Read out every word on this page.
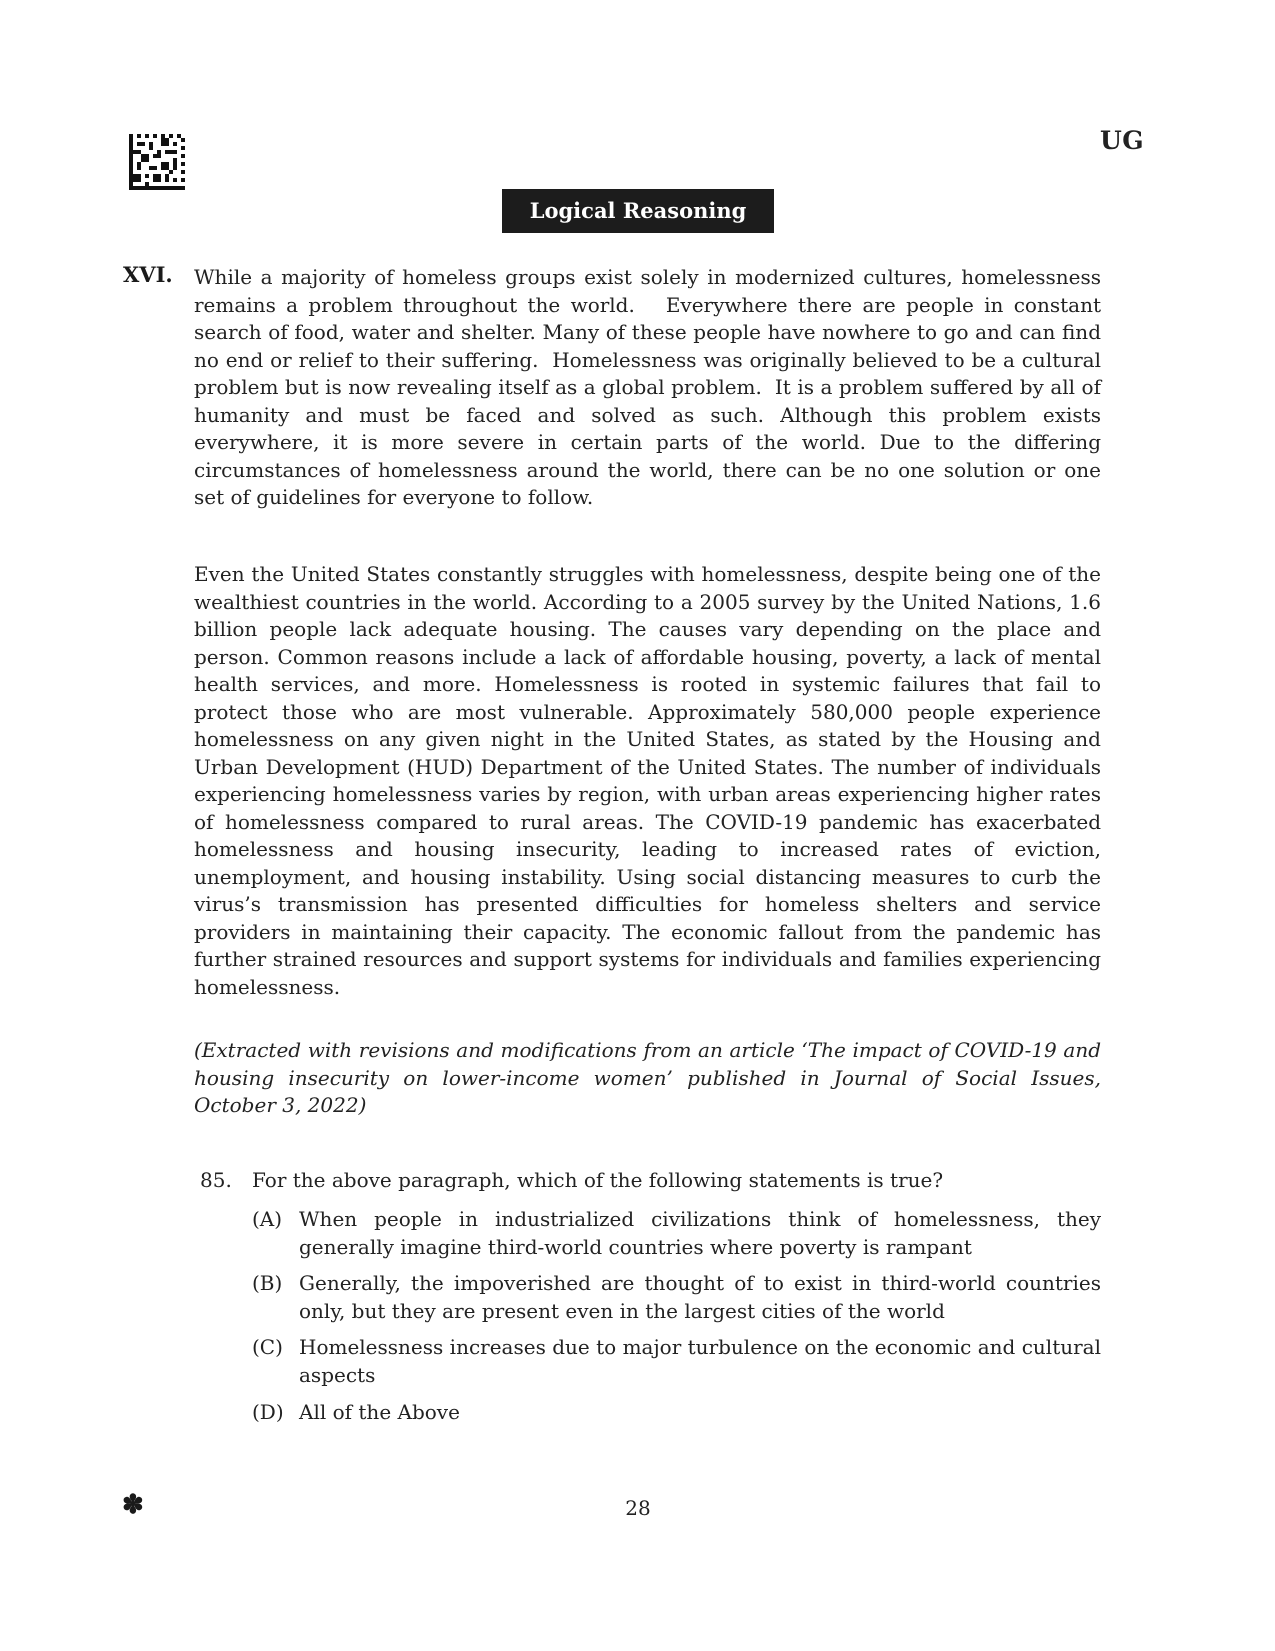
UG
Logical Reasoning
XVI. While a majority of homeless groups exist solely in modernized cultures, homelessness remains a problem throughout the world.   Everywhere there are people in constant search of food, water and shelter. Many of these people have nowhere to go and can find no end or relief to their suffering.  Homelessness was originally believed to be a cultural problem but is now revealing itself as a global problem.  It is a problem suffered by all of humanity and must be faced and solved as such. Although this problem exists everywhere, it is more severe in certain parts of the world. Due to the differing circumstances of homelessness around the world, there can be no one solution or one set of guidelines for everyone to follow.

Even the United States constantly struggles with homelessness, despite being one of the wealthiest countries in the world. According to a 2005 survey by the United Nations, 1.6 billion people lack adequate housing. The causes vary depending on the place and person. Common reasons include a lack of affordable housing, poverty, a lack of mental health services, and more. Homelessness is rooted in systemic failures that fail to protect those who are most vulnerable. Approximately 580,000 people experience homelessness on any given night in the United States, as stated by the Housing and Urban Development (HUD) Department of the United States. The number of individuals experiencing homelessness varies by region, with urban areas experiencing higher rates of homelessness compared to rural areas. The COVID-19 pandemic has exacerbated homelessness and housing insecurity, leading to increased rates of eviction, unemployment, and housing instability. Using social distancing measures to curb the virus’s transmission has presented difficulties for homeless shelters and service providers in maintaining their capacity. The economic fallout from the pandemic has further strained resources and support systems for individuals and families experiencing homelessness.

(Extracted with revisions and modifications from an article ‘The impact of COVID-19 and housing insecurity on lower-income women’ published in Journal of Social Issues, October 3, 2022)

85. For the above paragraph, which of the following statements is true?
(A) When people in industrialized civilizations think of homelessness, they generally imagine third-world countries where poverty is rampant
(B) Generally, the impoverished are thought of to exist in third-world countries only, but they are present even in the largest cities of the world
(C) Homelessness increases due to major turbulence on the economic and cultural aspects
(D) All of the Above
✽	28
